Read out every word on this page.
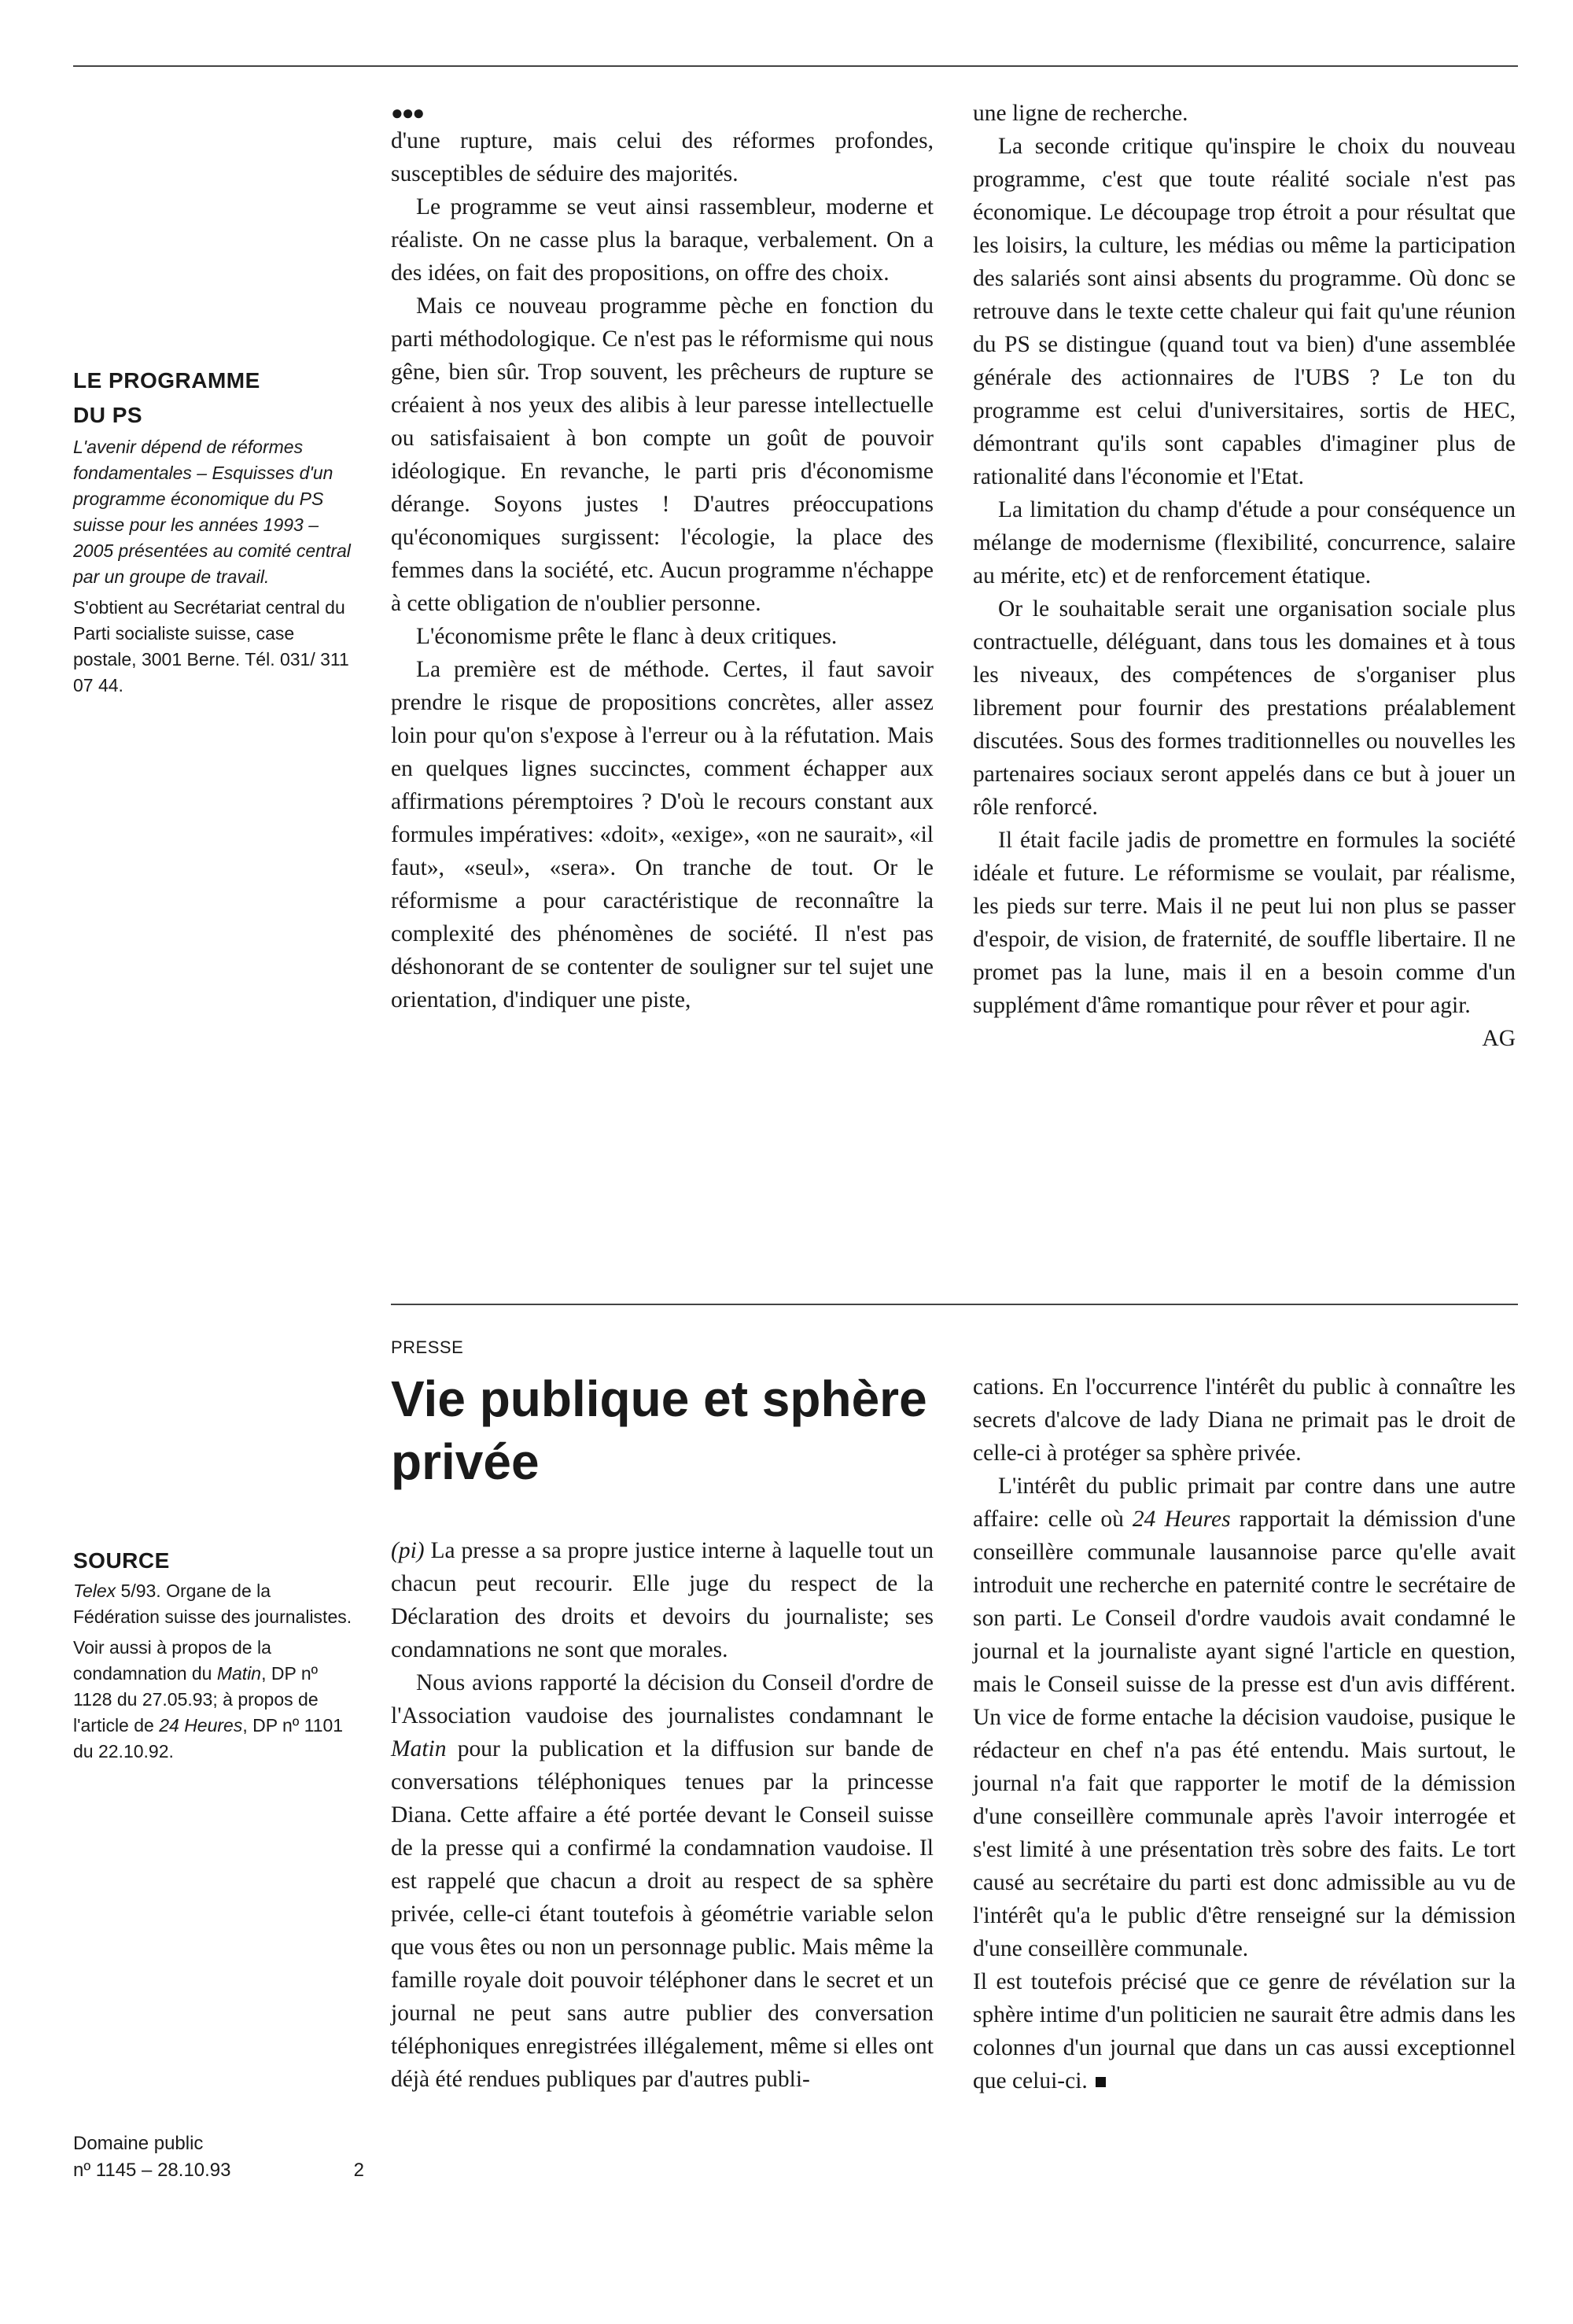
LE PROGRAMME
DU PS

L'avenir dépend de réformes fondamentales – Esquisses d'un programme économique du PS suisse pour les années 1993 – 2005 présentées au comité central par un groupe de travail.

S'obtient au Secrétariat central du Parti socialiste suisse, case postale, 3001 Berne. Tél. 031/ 311 07 44.

SOURCE

Telex 5/93. Organe de la Fédération suisse des journalistes.

Voir aussi à propos de la condamnation du Matin, DP nº 1128 du 27.05.93; à propos de l'article de 24 Heures, DP nº 1101 du 22.10.92.

Domaine public
nº 1145 – 28.10.93	2
●●●

d'une rupture, mais celui des réformes profondes, susceptibles de séduire des majorités.

Le programme se veut ainsi rassembleur, moderne et réaliste. On ne casse plus la baraque, verbalement. On a des idées, on fait des propositions, on offre des choix.

Mais ce nouveau programme pèche en fonction du parti méthodologique. Ce n'est pas le réformisme qui nous gêne, bien sûr. Trop souvent, les prêcheurs de rupture se créaient à nos yeux des alibis à leur paresse intellectuelle ou satisfaisaient à bon compte un goût de pouvoir idéologique. En revanche, le parti pris d'économisme dérange. Soyons justes ! D'autres préoccupations qu'économiques surgissent: l'écologie, la place des femmes dans la société, etc. Aucun programme n'échappe à cette obligation de n'oublier personne.

L'économisme prête le flanc à deux critiques.

La première est de méthode. Certes, il faut savoir prendre le risque de propositions concrètes, aller assez loin pour qu'on s'expose à l'erreur ou à la réfutation. Mais en quelques lignes succinctes, comment échapper aux affirmations péremptoires ? D'où le recours constant aux formules impératives: «doit», «exige», «on ne saurait», «il faut», «seul», «sera». On tranche de tout. Or le réformisme a pour caractéristique de reconnaître la complexité des phénomènes de société. Il n'est pas déshonorant de se contenter de souligner sur tel sujet une orientation, d'indiquer une piste,

une ligne de recherche.

La seconde critique qu'inspire le choix du nouveau programme, c'est que toute réalité sociale n'est pas économique. Le découpage trop étroit a pour résultat que les loisirs, la culture, les médias ou même la participation des salariés sont ainsi absents du programme. Où donc se retrouve dans le texte cette chaleur qui fait qu'une réunion du PS se distingue (quand tout va bien) d'une assemblée générale des actionnaires de l'UBS ? Le ton du programme est celui d'universitaires, sortis de HEC, démontrant qu'ils sont capables d'imaginer plus de rationalité dans l'économie et l'Etat.

La limitation du champ d'étude a pour conséquence un mélange de modernisme (flexibilité, concurrence, salaire au mérite, etc) et de renforcement étatique.

Or le souhaitable serait une organisation sociale plus contractuelle, déléguant, dans tous les domaines et à tous les niveaux, des compétences de s'organiser plus librement pour fournir des prestations préalablement discutées. Sous des formes traditionnelles ou nouvelles les partenaires sociaux seront appelés dans ce but à jouer un rôle renforcé.

Il était facile jadis de promettre en formules la société idéale et future. Le réformisme se voulait, par réalisme, les pieds sur terre. Mais il ne peut lui non plus se passer d'espoir, de vision, de fraternité, de souffle libertaire. Il ne promet pas la lune, mais il en a besoin comme d'un supplément d'âme romantique pour rêver et pour agir.
AG

PRESSE
Vie publique et sphère privée

(pi) La presse a sa propre justice interne à laquelle tout un chacun peut recourir. Elle juge du respect de la Déclaration des droits et devoirs du journaliste; ses condamnations ne sont que morales.

Nous avions rapporté la décision du Conseil d'ordre de l'Association vaudoise des journalistes condamnant le Matin pour la publication et la diffusion sur bande de conversations téléphoniques tenues par la princesse Diana. Cette affaire a été portée devant le Conseil suisse de la presse qui a confirmé la condamnation vaudoise. Il est rappelé que chacun a droit au respect de sa sphère privée, celle-ci étant toutefois à géométrie variable selon que vous êtes ou non un personnage public. Mais même la famille royale doit pouvoir téléphoner dans le secret et un journal ne peut sans autre publier des conversation téléphoniques enregistrées illégalement, même si elles ont déjà été rendues publiques par d'autres publi-

cations. En l'occurrence l'intérêt du public à connaître les secrets d'alcove de lady Diana ne primait pas le droit de celle-ci à protéger sa sphère privée.

L'intérêt du public primait par contre dans une autre affaire: celle où 24 Heures rapportait la démission d'une conseillère communale lausannoise parce qu'elle avait introduit une recherche en paternité contre le secrétaire de son parti. Le Conseil d'ordre vaudois avait condamné le journal et la journaliste ayant signé l'article en question, mais le Conseil suisse de la presse est d'un avis différent. Un vice de forme entache la décision vaudoise, pusique le rédacteur en chef n'a pas été entendu. Mais surtout, le journal n'a fait que rapporter le motif de la démission d'une conseillère communale après l'avoir interrogée et s'est limité à une présentation très sobre des faits. Le tort causé au secrétaire du parti est donc admissible au vu de l'intérêt qu'a le public d'être renseigné sur la démission d'une conseillère communale.

Il est toutefois précisé que ce genre de révélation sur la sphère intime d'un politicien ne saurait être admis dans les colonnes d'un journal que dans un cas aussi exceptionnel que celui-ci.
